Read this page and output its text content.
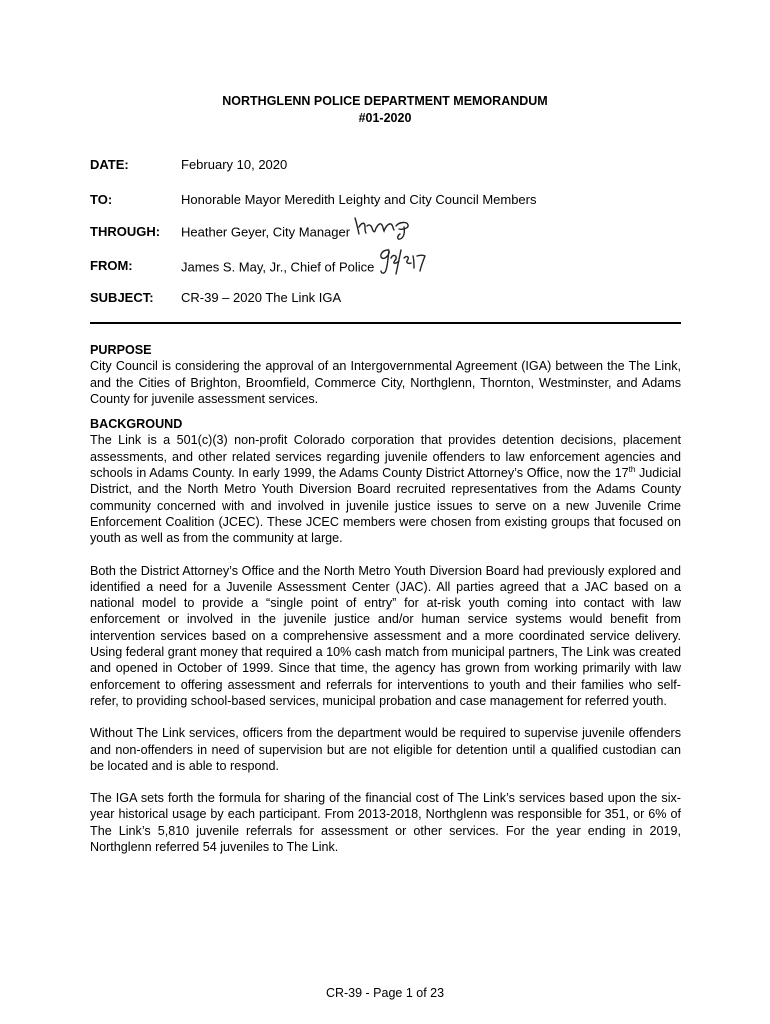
NORTHGLENN POLICE DEPARTMENT MEMORANDUM
#01-2020
DATE:	February 10, 2020
TO:	Honorable Mayor Meredith Leighty and City Council Members
THROUGH: Heather Geyer, City Manager
FROM:	James S. May, Jr., Chief of Police
SUBJECT: CR-39 – 2020 The Link IGA
PURPOSE

City Council is considering the approval of an Intergovernmental Agreement (IGA) between the The Link, and the Cities of Brighton, Broomfield, Commerce City, Northglenn, Thornton, Westminster, and Adams County for juvenile assessment services.

BACKGROUND

The Link is a 501(c)(3) non-profit Colorado corporation that provides detention decisions, placement assessments, and other related services regarding juvenile offenders to law enforcement agencies and schools in Adams County. In early 1999, the Adams County District Attorney’s Office, now the 17th Judicial District, and the North Metro Youth Diversion Board recruited representatives from the Adams County community concerned with and involved in juvenile justice issues to serve on a new Juvenile Crime Enforcement Coalition (JCEC). These JCEC members were chosen from existing groups that focused on youth as well as from the community at large.

Both the District Attorney’s Office and the North Metro Youth Diversion Board had previously explored and identified a need for a Juvenile Assessment Center (JAC). All parties agreed that a JAC based on a national model to provide a “single point of entry” for at-risk youth coming into contact with law enforcement or involved in the juvenile justice and/or human service systems would benefit from intervention services based on a comprehensive assessment and a more coordinated service delivery. Using federal grant money that required a 10% cash match from municipal partners, The Link was created and opened in October of 1999. Since that time, the agency has grown from working primarily with law enforcement to offering assessment and referrals for interventions to youth and their families who self-refer, to providing school-based services, municipal probation and case management for referred youth.

Without The Link services, officers from the department would be required to supervise juvenile offenders and non-offenders in need of supervision but are not eligible for detention until a qualified custodian can be located and is able to respond.

The IGA sets forth the formula for sharing of the financial cost of The Link’s services based upon the six-year historical usage by each participant. From 2013-2018, Northglenn was responsible for 351, or 6% of The Link’s 5,810 juvenile referrals for assessment or other services. For the year ending in 2019, Northglenn referred 54 juveniles to The Link.

CR-39 - Page 1 of 23
